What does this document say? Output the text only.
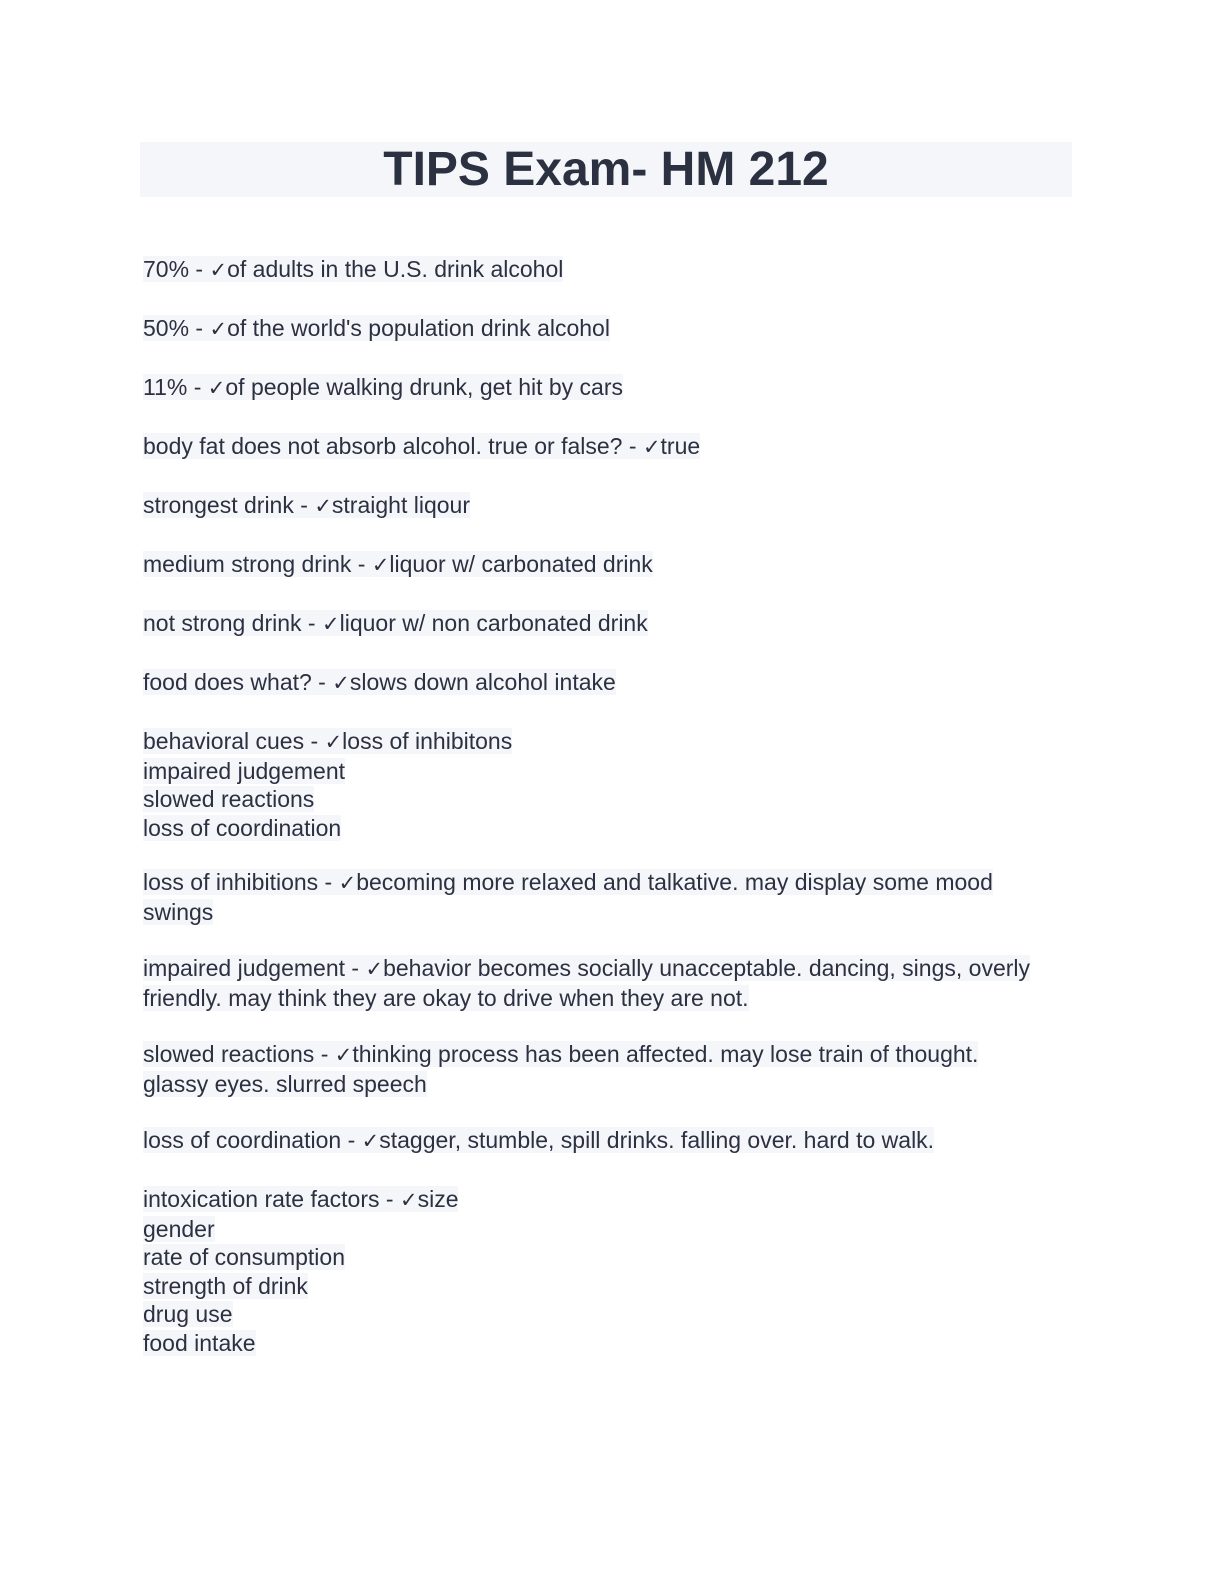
TIPS Exam- HM 212
70% - ✓of adults in the U.S. drink alcohol
50% - ✓of the world's population drink alcohol
11% - ✓of people walking drunk, get hit by cars
body fat does not absorb alcohol. true or false? - ✓true
strongest drink - ✓straight liqour
medium strong drink - ✓liquor w/ carbonated drink
not strong drink - ✓liquor w/ non carbonated drink
food does what? - ✓slows down alcohol intake
behavioral cues - ✓loss of inhibitons
impaired judgement
slowed reactions
loss of coordination
loss of inhibitions - ✓becoming more relaxed and talkative. may display some mood
swings
impaired judgement - ✓behavior becomes socially unacceptable. dancing, sings, overly
friendly. may think they are okay to drive when they are not.
slowed reactions - ✓thinking process has been affected. may lose train of thought.
glassy eyes. slurred speech
loss of coordination - ✓stagger, stumble, spill drinks. falling over. hard to walk.
intoxication rate factors - ✓size
gender
rate of consumption
strength of drink
drug use
food intake
